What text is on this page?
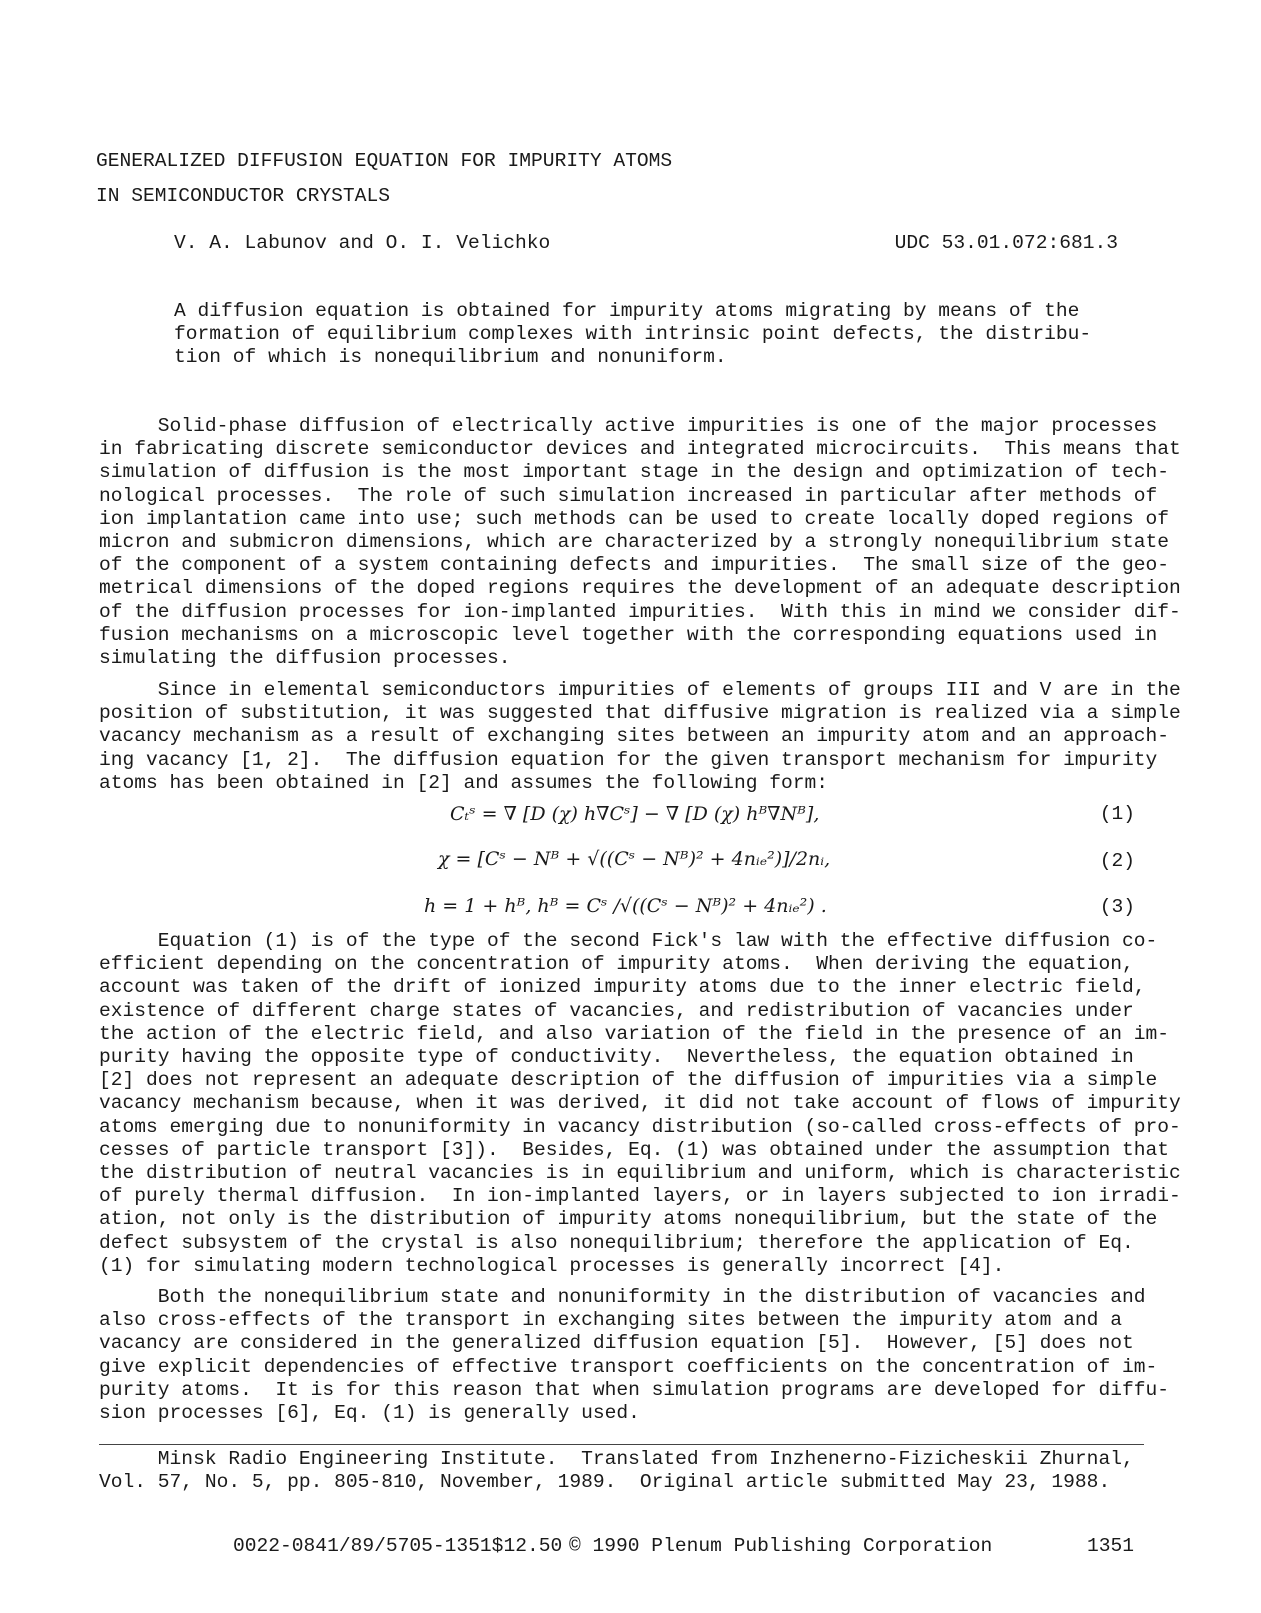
GENERALIZED DIFFUSION EQUATION FOR IMPURITY ATOMS
IN SEMICONDUCTOR CRYSTALS
V. A. Labunov and O. I. Velichko	UDC 53.01.072:681.3
A diffusion equation is obtained for impurity atoms migrating by means of the
formation of equilibrium complexes with intrinsic point defects, the distribu-
tion of which is nonequilibrium and nonuniform.
Solid-phase diffusion of electrically active impurities is one of the major processes
in fabricating discrete semiconductor devices and integrated microcircuits.  This means that
simulation of diffusion is the most important stage in the design and optimization of tech-
nological processes.  The role of such simulation increased in particular after methods of
ion implantation came into use; such methods can be used to create locally doped regions of
micron and submicron dimensions, which are characterized by a strongly nonequilibrium state
of the component of a system containing defects and impurities.  The small size of the geo-
metrical dimensions of the doped regions requires the development of an adequate description
of the diffusion processes for ion-implanted impurities.  With this in mind we consider dif-
fusion mechanisms on a microscopic level together with the corresponding equations used in
simulating the diffusion processes.
Since in elemental semiconductors impurities of elements of groups III and V are in the
position of substitution, it was suggested that diffusive migration is realized via a simple
vacancy mechanism as a result of exchanging sites between an impurity atom and an approach-
ing vacancy [1, 2].  The diffusion equation for the given transport mechanism for impurity
atoms has been obtained in [2] and assumes the following form:
Cₜˢ = ∇ [D (χ) h∇Cˢ] − ∇ [D (χ) hᴮ∇Nᴮ],	(1)
χ = [Cˢ − Nᴮ + √((Cˢ − Nᴮ)² + 4nᵢₑ²)]/2nᵢ,	(2)
h = 1 + hᴮ, hᴮ = Cˢ /√((Cˢ − Nᴮ)² + 4nᵢₑ²) .	(3)
Equation (1) is of the type of the second Fick's law with the effective diffusion co-
efficient depending on the concentration of impurity atoms.  When deriving the equation,
account was taken of the drift of ionized impurity atoms due to the inner electric field,
existence of different charge states of vacancies, and redistribution of vacancies under
the action of the electric field, and also variation of the field in the presence of an im-
purity having the opposite type of conductivity.  Nevertheless, the equation obtained in
[2] does not represent an adequate description of the diffusion of impurities via a simple
vacancy mechanism because, when it was derived, it did not take account of flows of impurity
atoms emerging due to nonuniformity in vacancy distribution (so-called cross-effects of pro-
cesses of particle transport [3]).  Besides, Eq. (1) was obtained under the assumption that
the distribution of neutral vacancies is in equilibrium and uniform, which is characteristic
of purely thermal diffusion.  In ion-implanted layers, or in layers subjected to ion irradi-
ation, not only is the distribution of impurity atoms nonequilibrium, but the state of the
defect subsystem of the crystal is also nonequilibrium; therefore the application of Eq.
(1) for simulating modern technological processes is generally incorrect [4].
Both the nonequilibrium state and nonuniformity in the distribution of vacancies and
also cross-effects of the transport in exchanging sites between the impurity atom and a
vacancy are considered in the generalized diffusion equation [5].  However, [5] does not
give explicit dependencies of effective transport coefficients on the concentration of im-
purity atoms.  It is for this reason that when simulation programs are developed for diffu-
sion processes [6], Eq. (1) is generally used.
Minsk Radio Engineering Institute.  Translated from Inzhenerno-Fizicheskii Zhurnal,
Vol. 57, No. 5, pp. 805-810, November, 1989.  Original article submitted May 23, 1988.
0022-0841/89/5705-1351$12.50 © 1990 Plenum Publishing Corporation	1351
